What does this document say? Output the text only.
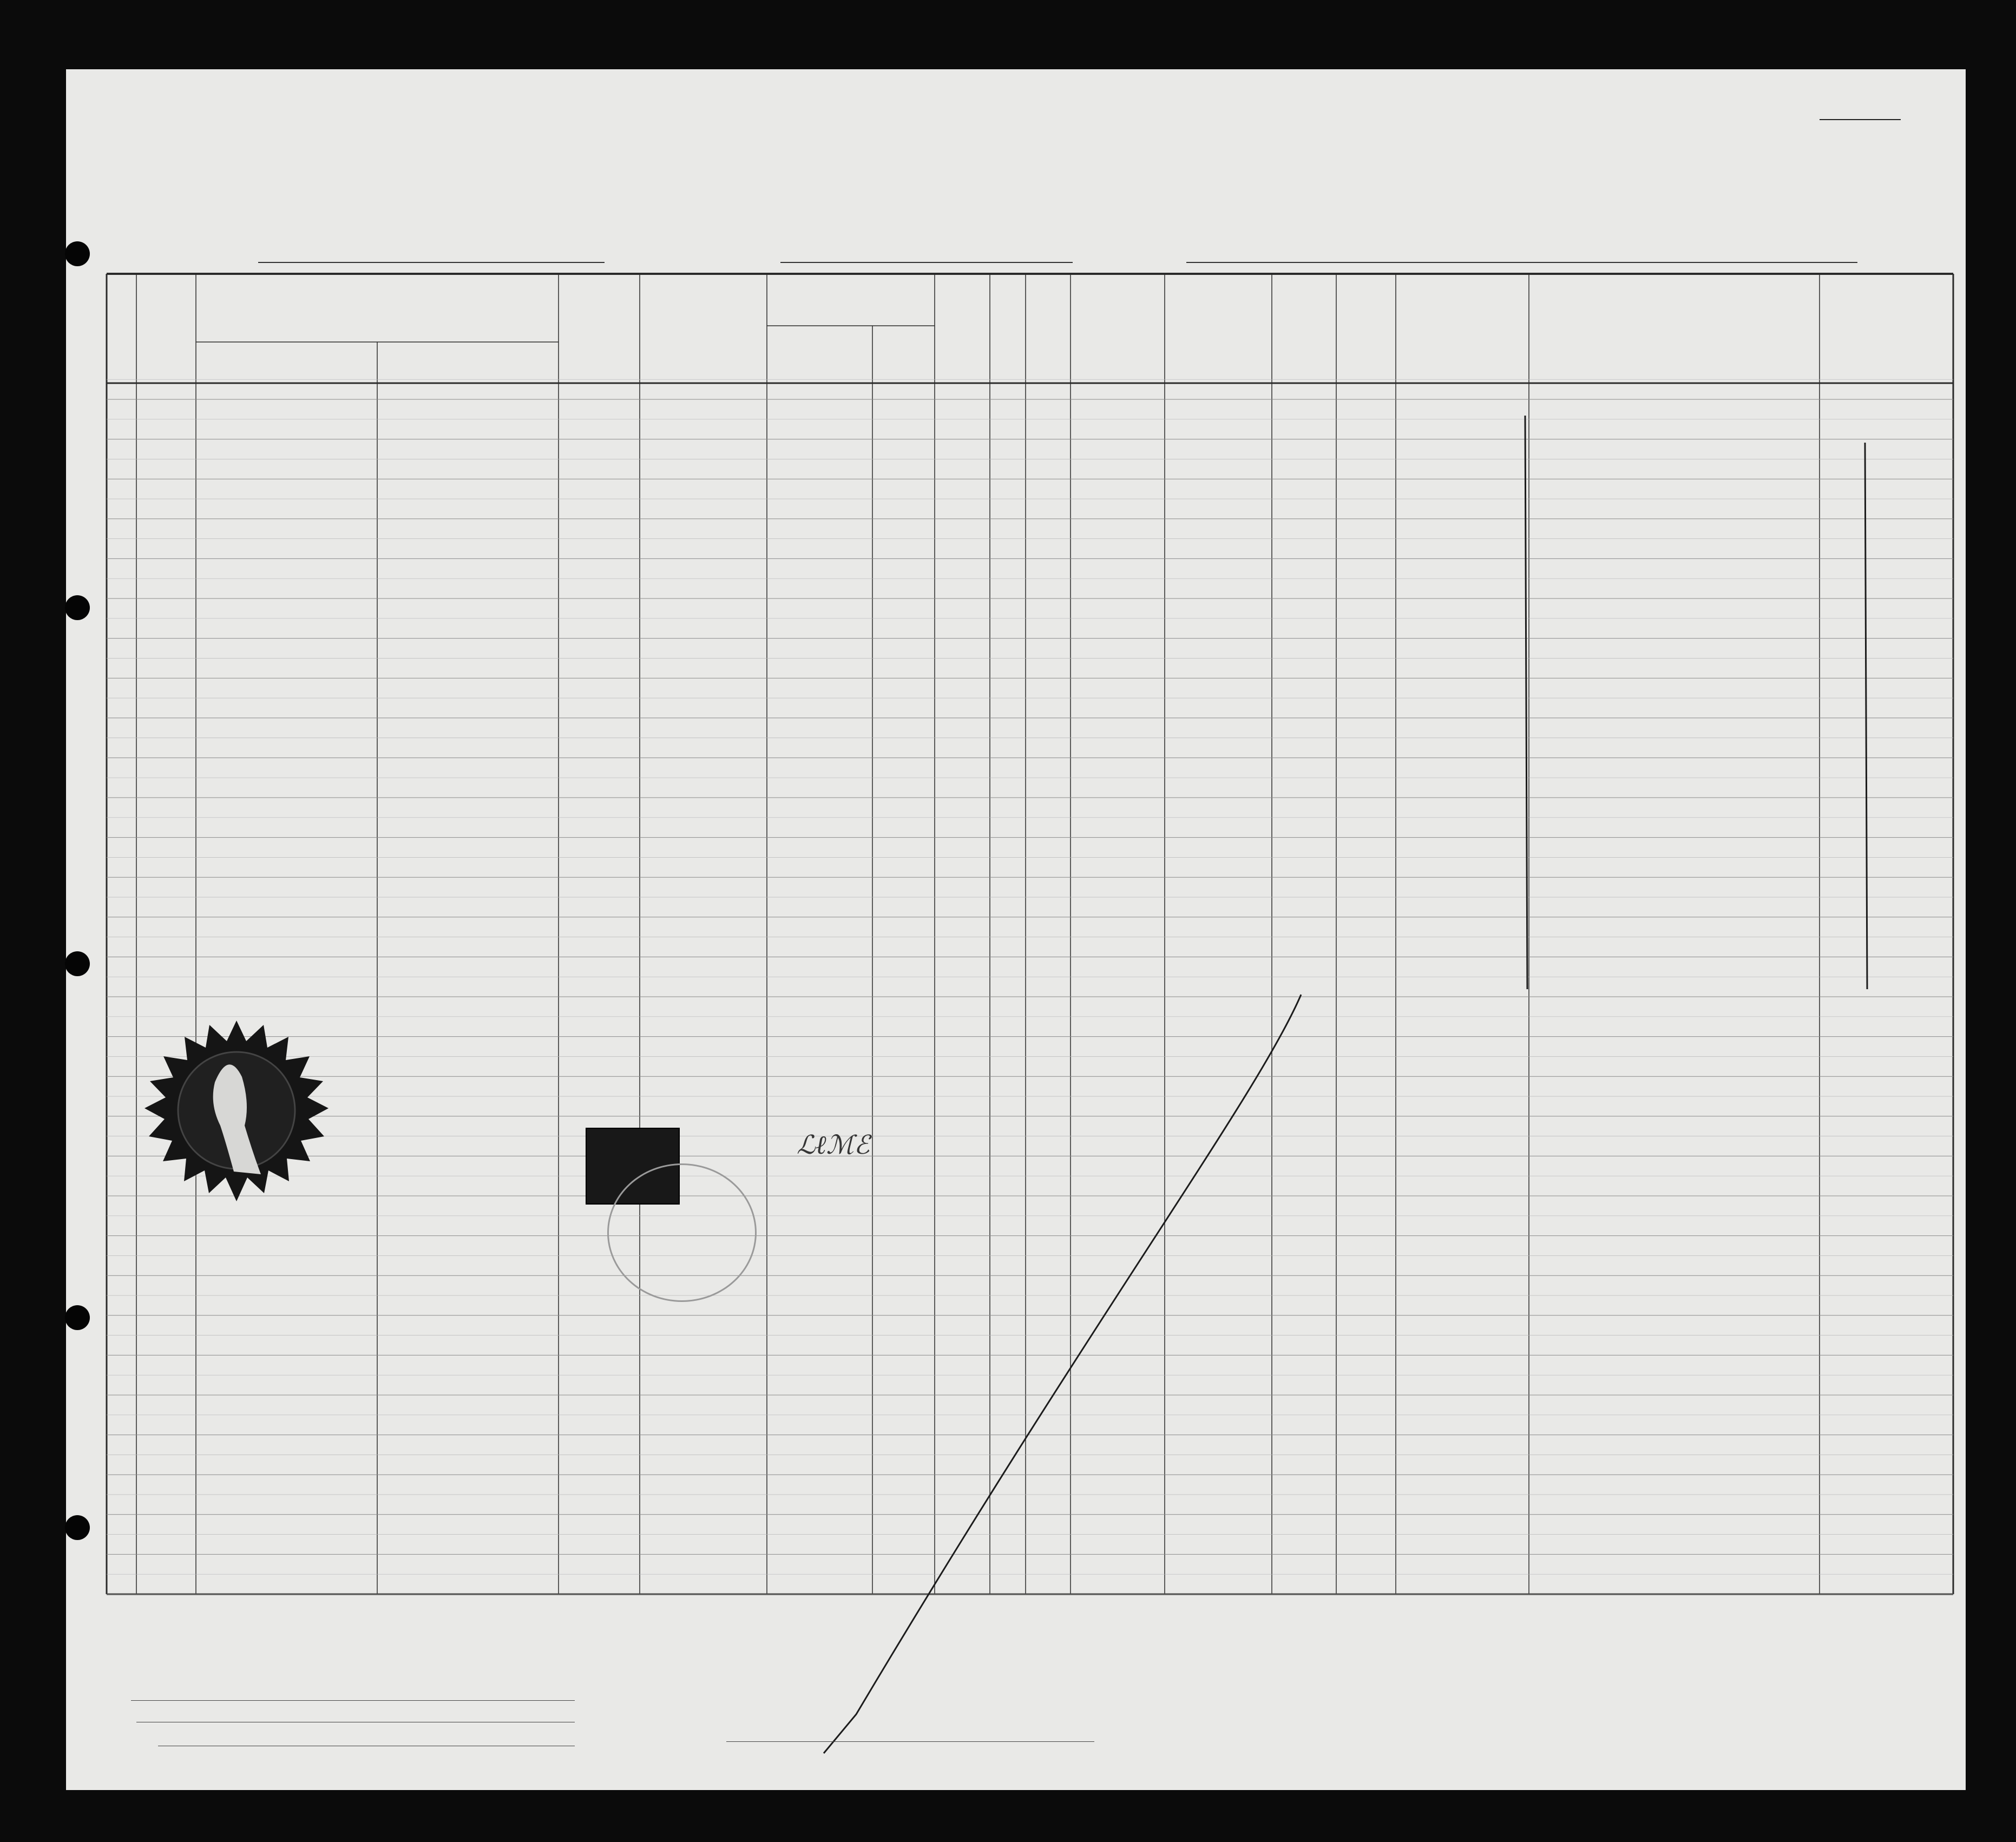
ℒℓℳℰ
